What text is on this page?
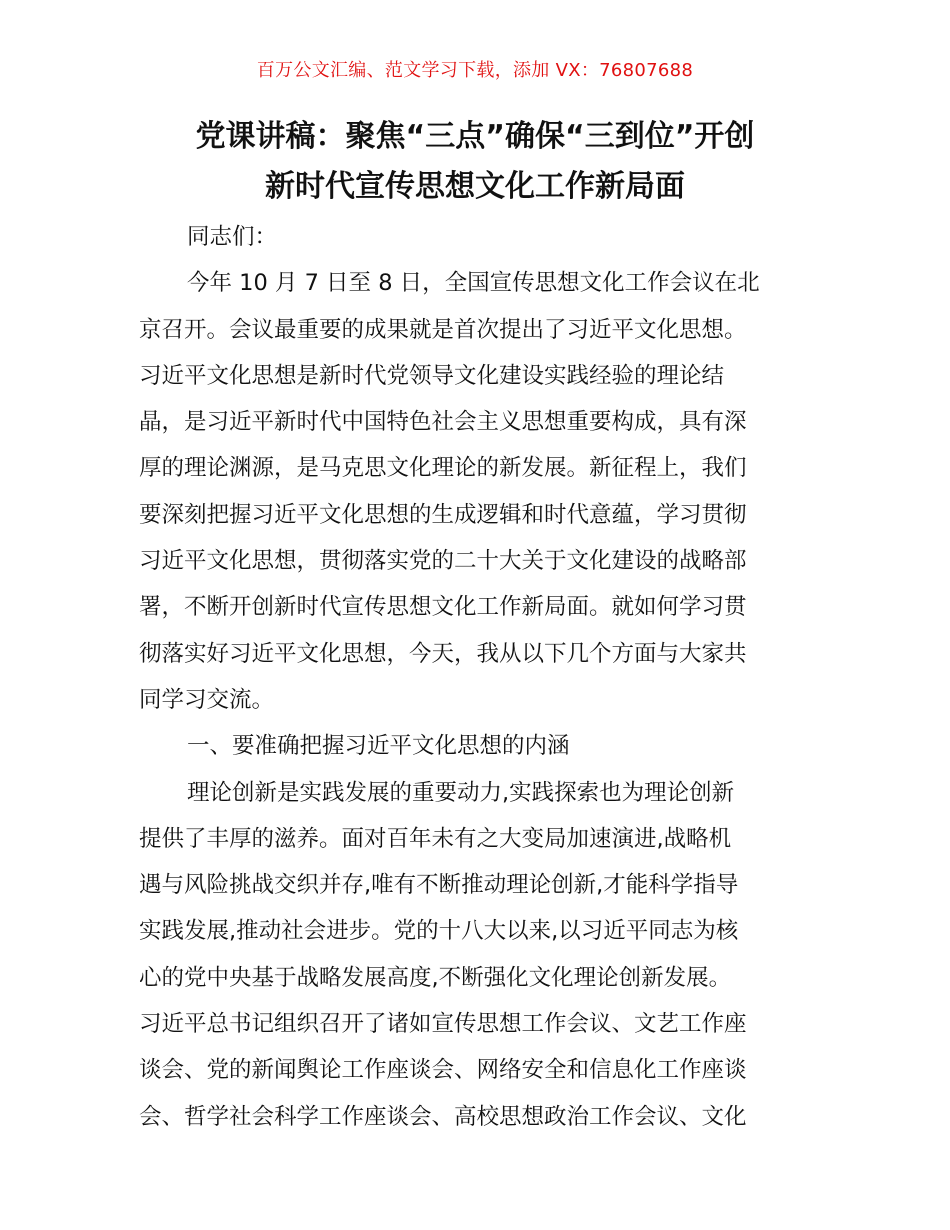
百万公文汇编、范文学习下载，添加 VX：76807688
党课讲稿：聚焦“三点”确保“三到位”开创
新时代宣传思想文化工作新局面

同志们：

今年 10 月 7 日至 8 日，全国宣传思想文化工作会议在北
京召开。会议最重要的成果就是首次提出了习近平文化思想。
习近平文化思想是新时代党领导文化建设实践经验的理论结
晶，是习近平新时代中国特色社会主义思想重要构成，具有深
厚的理论渊源，是马克思文化理论的新发展。新征程上，我们
要深刻把握习近平文化思想的生成逻辑和时代意蕴，学习贯彻
习近平文化思想，贯彻落实党的二十大关于文化建设的战略部
署，不断开创新时代宣传思想文化工作新局面。就如何学习贯
彻落实好习近平文化思想，今天，我从以下几个方面与大家共
同学习交流。

一、要准确把握习近平文化思想的内涵

理论创新是实践发展的重要动力,实践探索也为理论创新
提供了丰厚的滋养。面对百年未有之大变局加速演进,战略机
遇与风险挑战交织并存,唯有不断推动理论创新,才能科学指导
实践发展,推动社会进步。党的十八大以来,以习近平同志为核
心的党中央基于战略发展高度,不断强化文化理论创新发展。
习近平总书记组织召开了诸如宣传思想工作会议、文艺工作座
谈会、党的新闻舆论工作座谈会、网络安全和信息化工作座谈
会、哲学社会科学工作座谈会、高校思想政治工作会议、文化
